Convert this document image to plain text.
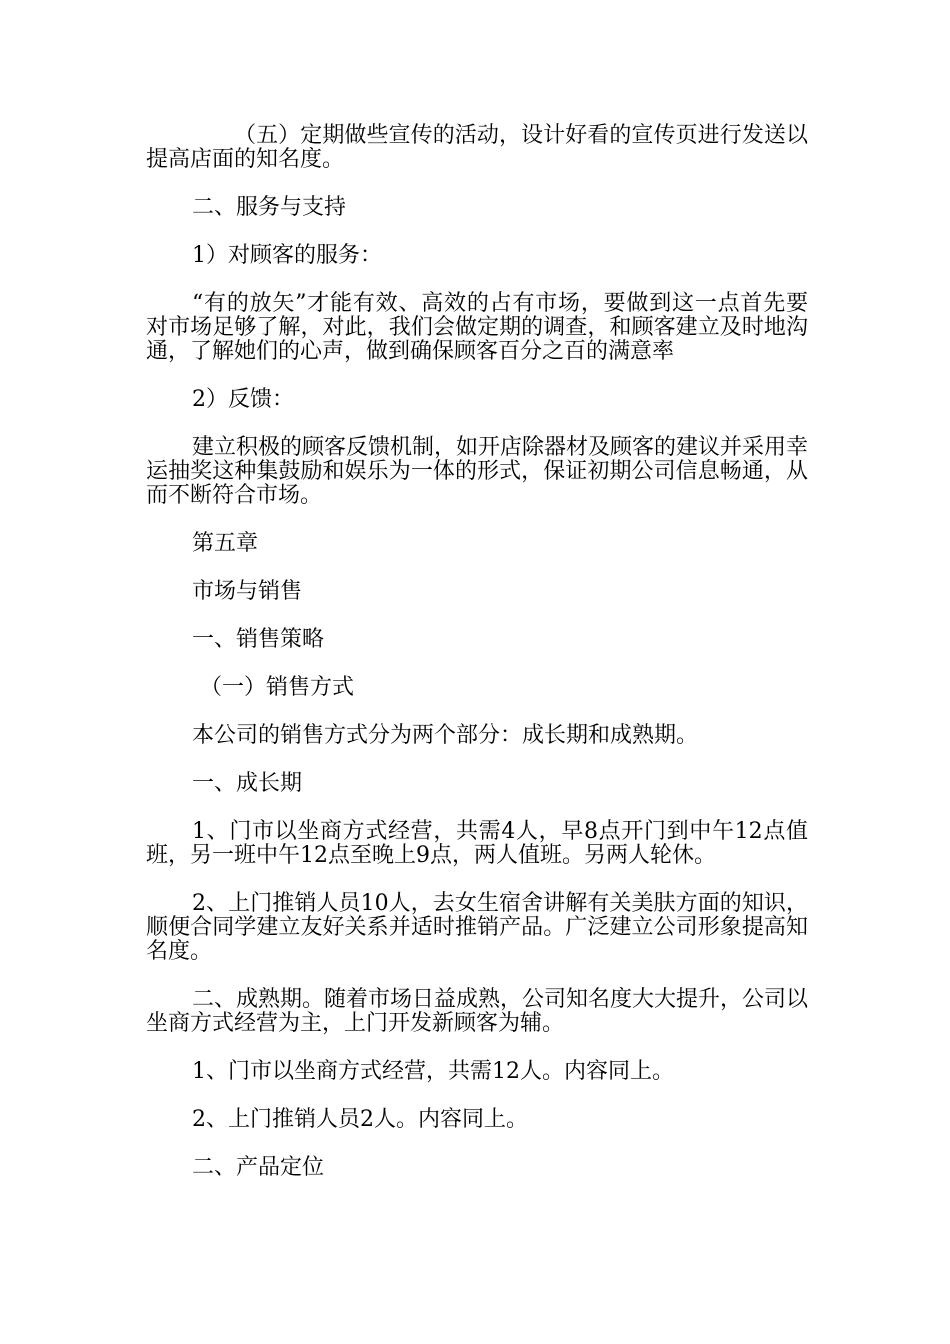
（五）定期做些宣传的活动，设计好看的宣传页进行发送以提高店面的知名度。

二、服务与支持

1）对顾客的服务：

“有的放矢”才能有效、高效的占有市场，要做到这一点首先要对市场足够了解，对此，我们会做定期的调查，和顾客建立及时地沟通，了解她们的心声，做到确保顾客百分之百的满意率

2）反馈：

建立积极的顾客反馈机制，如开店除器材及顾客的建议并采用幸运抽奖这种集鼓励和娱乐为一体的形式，保证初期公司信息畅通，从而不断符合市场。

第五章

市场与销售

一、销售策略

（一）销售方式

本公司的销售方式分为两个部分：成长期和成熟期。

一、成长期

1、门市以坐商方式经营，共需4人，早8点开门到中午12点值班，另一班中午12点至晚上9点，两人值班。另两人轮休。

2、上门推销人员10人，去女生宿舍讲解有关美肤方面的知识，顺便合同学建立友好关系并适时推销产品。广泛建立公司形象提高知名度。

二、成熟期。随着市场日益成熟，公司知名度大大提升，公司以坐商方式经营为主，上门开发新顾客为辅。

1、门市以坐商方式经营，共需12人。内容同上。

2、上门推销人员2人。内容同上。

二、产品定位
